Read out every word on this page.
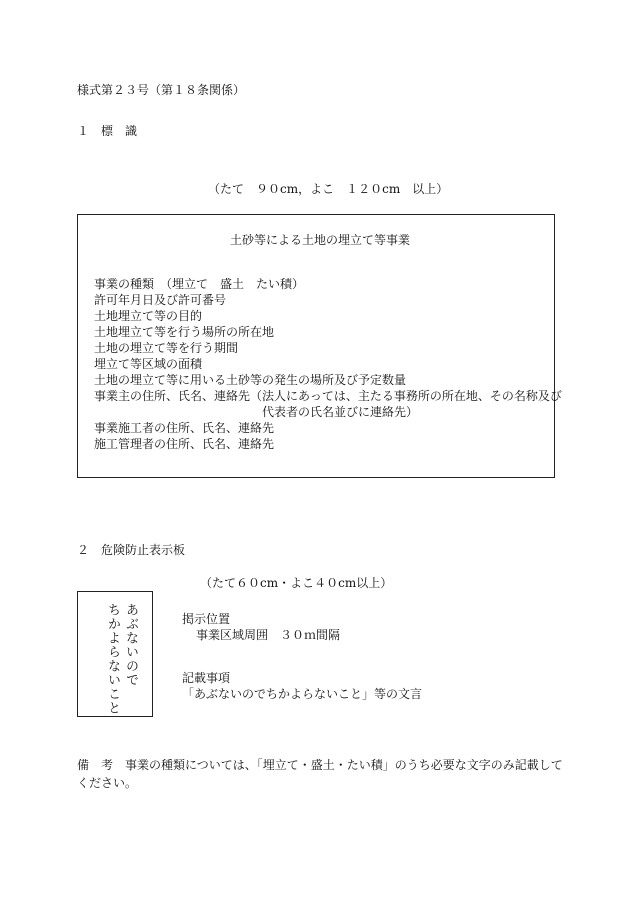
様式第２３号（第１８条関係）
１　標　識
（たて　９０cm，よこ　１２０cm　以上）
土砂等による土地の埋立て等事業
事業の種類　（埋立て　盛土　たい積）
許可年月日及び許可番号
土地埋立て等の目的
土地埋立て等を行う場所の所在地
土地の埋立て等を行う期間
埋立て等区域の面積
土地の埋立て等に用いる土砂等の発生の場所及び予定数量
事業主の住所、氏名、連絡先（法人にあっては、主たる事務所の所在地、その名称及び
代表者の氏名並びに連絡先）
事業施工者の住所、氏名、連絡先
施工管理者の住所、氏名、連絡先
２　危険防止表示板
（たて６０cm・よこ４０cm以上）
あぶないので
ちかよらないこと	掲示位置
事業区域周囲　３０ｍ間隔
記載事項
「あぶないのでちかよらないこと」等の文言
備　考　事業の種類については、「埋立て・盛土・たい積」のうち必要な文字のみ記載して
ください。
